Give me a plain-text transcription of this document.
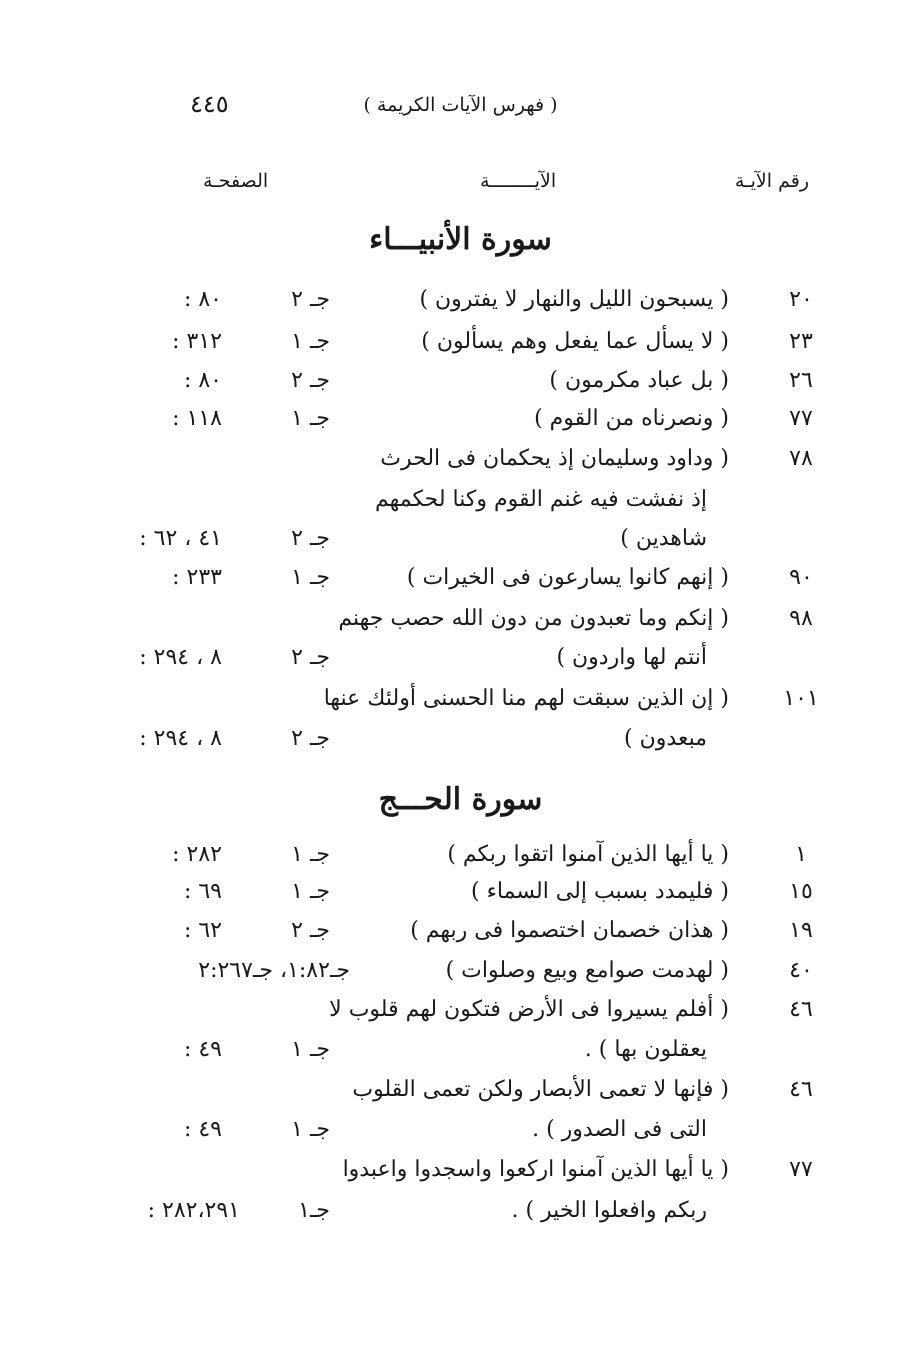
٤٤٥	( فهرس الآيات الكريمة )
رقم الآيـة
الآيــــــــة
الصفحـة
سورة الأنبيـــاء
٢٠
( يسبحون الليل والنهار لا يفترون )
جـ ٢
٨٠ :
٢٣
( لا يسأل عما يفعل وهم يسألون )
جـ ١
٣١٢ :
٢٦
( بل عباد مكرمون )
جـ ٢
٨٠ :
٧٧
( ونصرناه من القوم )
جـ ١
١١٨ :
٧٨
( وداود وسليمان إذ يحكمان فى الحرث
إذ نفشت فيه غنم القوم وكنا لحكمهم
شاهدين )
جـ ٢
٤١ ، ٦٢ :
٩٠
( إنهم كانوا يسارعون فى الخيرات )
جـ ١
٢٣٣ :
٩٨
( إنكم وما تعبدون من دون الله حصب جهنم
أنتم لها واردون )
جـ ٢
٨ ، ٢٩٤ :
١٠١
( إن الذين سبقت لهم منا الحسنى أولئك عنها
مبعدون )
جـ ٢
٨ ، ٢٩٤ :
سورة الحـــج
١
( يا أيها الذين آمنوا اتقوا ربكم )
جـ ١
٢٨٢ :
١٥
( فليمدد بسبب إلى السماء )
جـ ١
٦٩ :
١٩
( هذان خصمان اختصموا فى ربهم )
جـ ٢
٦٢ :
٤٠
( لهدمت صوامع وبيع وصلوات )
جـ١:٨٢، جـ٢:٢٦٧
٤٦
( أفلم يسيروا فى الأرض فتكون لهم قلوب لا
يعقلون بها ) .
جـ ١
٤٩ :
٤٦
( فإنها لا تعمى الأبصار ولكن تعمى القلوب
التى فى الصدور ) .
جـ ١
٤٩ :
٧٧
( يا أيها الذين آمنوا اركعوا واسجدوا واعبدوا
ربكم وافعلوا الخير ) .
جـ١
٢٨٢،٢٩١ :
